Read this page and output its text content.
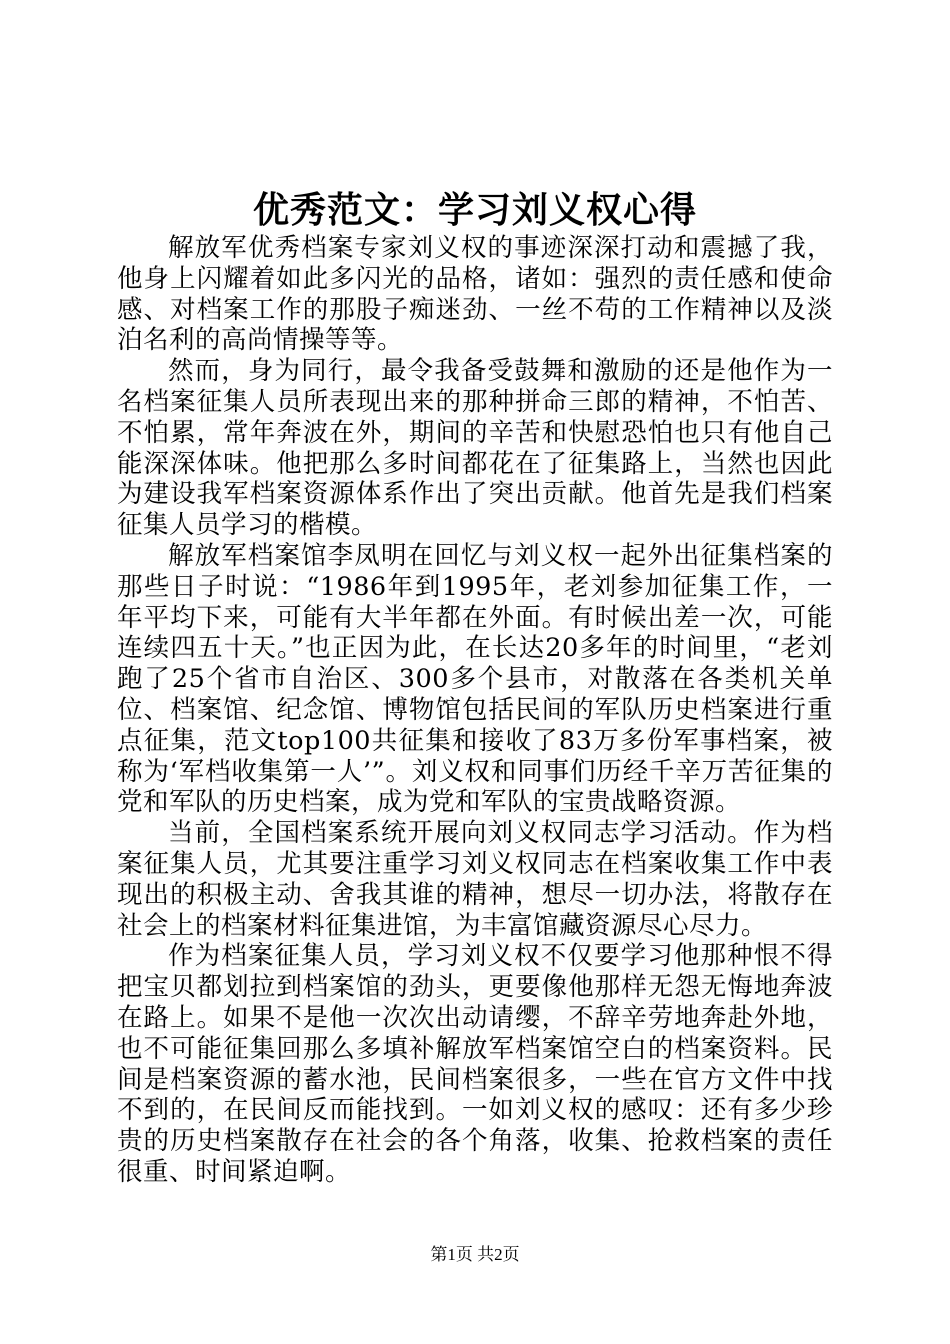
优秀范文：学习刘义权心得

解放军优秀档案专家刘义权的事迹深深打动和震撼了我，他身上闪耀着如此多闪光的品格，诸如：强烈的责任感和使命感、对档案工作的那股子痴迷劲、一丝不苟的工作精神以及淡泊名利的高尚情操等等。

然而，身为同行，最令我备受鼓舞和激励的还是他作为一名档案征集人员所表现出来的那种拼命三郎的精神，不怕苦、不怕累，常年奔波在外，期间的辛苦和快慰恐怕也只有他自己能深深体味。他把那么多时间都花在了征集路上，当然也因此为建设我军档案资源体系作出了突出贡献。他首先是我们档案征集人员学习的楷模。

解放军档案馆李凤明在回忆与刘义权一起外出征集档案的那些日子时说：“1986年到1995年，老刘参加征集工作，一年平均下来，可能有大半年都在外面。有时候出差一次，可能连续四五十天。”也正因为此，在长达20多年的时间里，“老刘跑了25个省市自治区、300多个县市，对散落在各类机关单位、档案馆、纪念馆、博物馆包括民间的军队历史档案进行重点征集，范文top100共征集和接收了83万多份军事档案，被称为‘军档收集第一人’”。刘义权和同事们历经千辛万苦征集的党和军队的历史档案，成为党和军队的宝贵战略资源。

当前，全国档案系统开展向刘义权同志学习活动。作为档案征集人员，尤其要注重学习刘义权同志在档案收集工作中表现出的积极主动、舍我其谁的精神，想尽一切办法，将散存在社会上的档案材料征集进馆，为丰富馆藏资源尽心尽力。

作为档案征集人员，学习刘义权不仅要学习他那种恨不得把宝贝都划拉到档案馆的劲头，更要像他那样无怨无悔地奔波在路上。如果不是他一次次出动请缨，不辞辛劳地奔赴外地，也不可能征集回那么多填补解放军档案馆空白的档案资料。民间是档案资源的蓄水池，民间档案很多，一些在官方文件中找不到的，在民间反而能找到。一如刘义权的感叹：还有多少珍贵的历史档案散存在社会的各个角落，收集、抢救档案的责任很重、时间紧迫啊。

第1页 共2页
